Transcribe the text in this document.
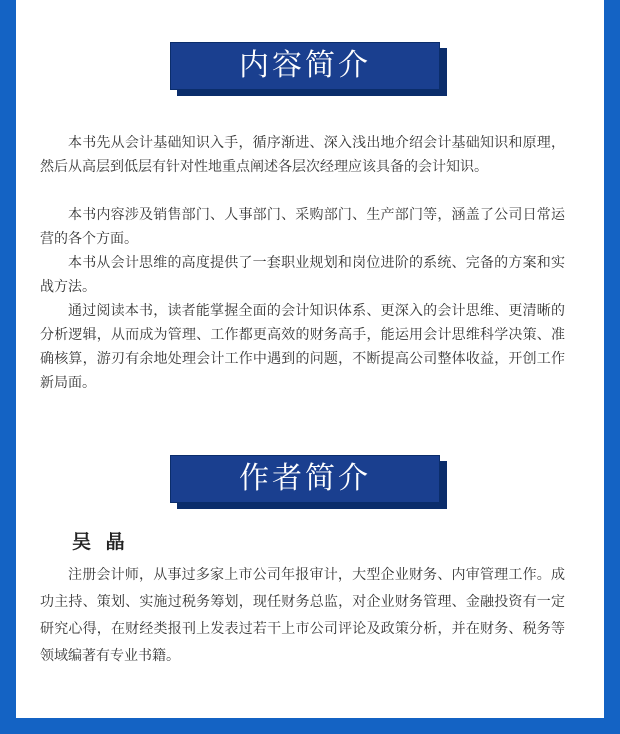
内容简介

本书先从会计基础知识入手，循序渐进、深入浅出地介绍会计基础知识和原理，然后从高层到低层有针对性地重点阐述各层次经理应该具备的会计知识。

本书内容涉及销售部门、人事部门、采购部门、生产部门等，涵盖了公司日常运营的各个方面。

本书从会计思维的高度提供了一套职业规划和岗位进阶的系统、完备的方案和实战方法。

通过阅读本书，读者能掌握全面的会计知识体系、更深入的会计思维、更清晰的分析逻辑，从而成为管理、工作都更高效的财务高手，能运用会计思维科学决策、准确核算，游刃有余地处理会计工作中遇到的问题，不断提高公司整体收益，开创工作新局面。

作者简介

吴 晶

注册会计师，从事过多家上市公司年报审计，大型企业财务、内审管理工作。成功主持、策划、实施过税务筹划，现任财务总监，对企业财务管理、金融投资有一定研究心得，在财经类报刊上发表过若干上市公司评论及政策分析，并在财务、税务等领域编著有专业书籍。
